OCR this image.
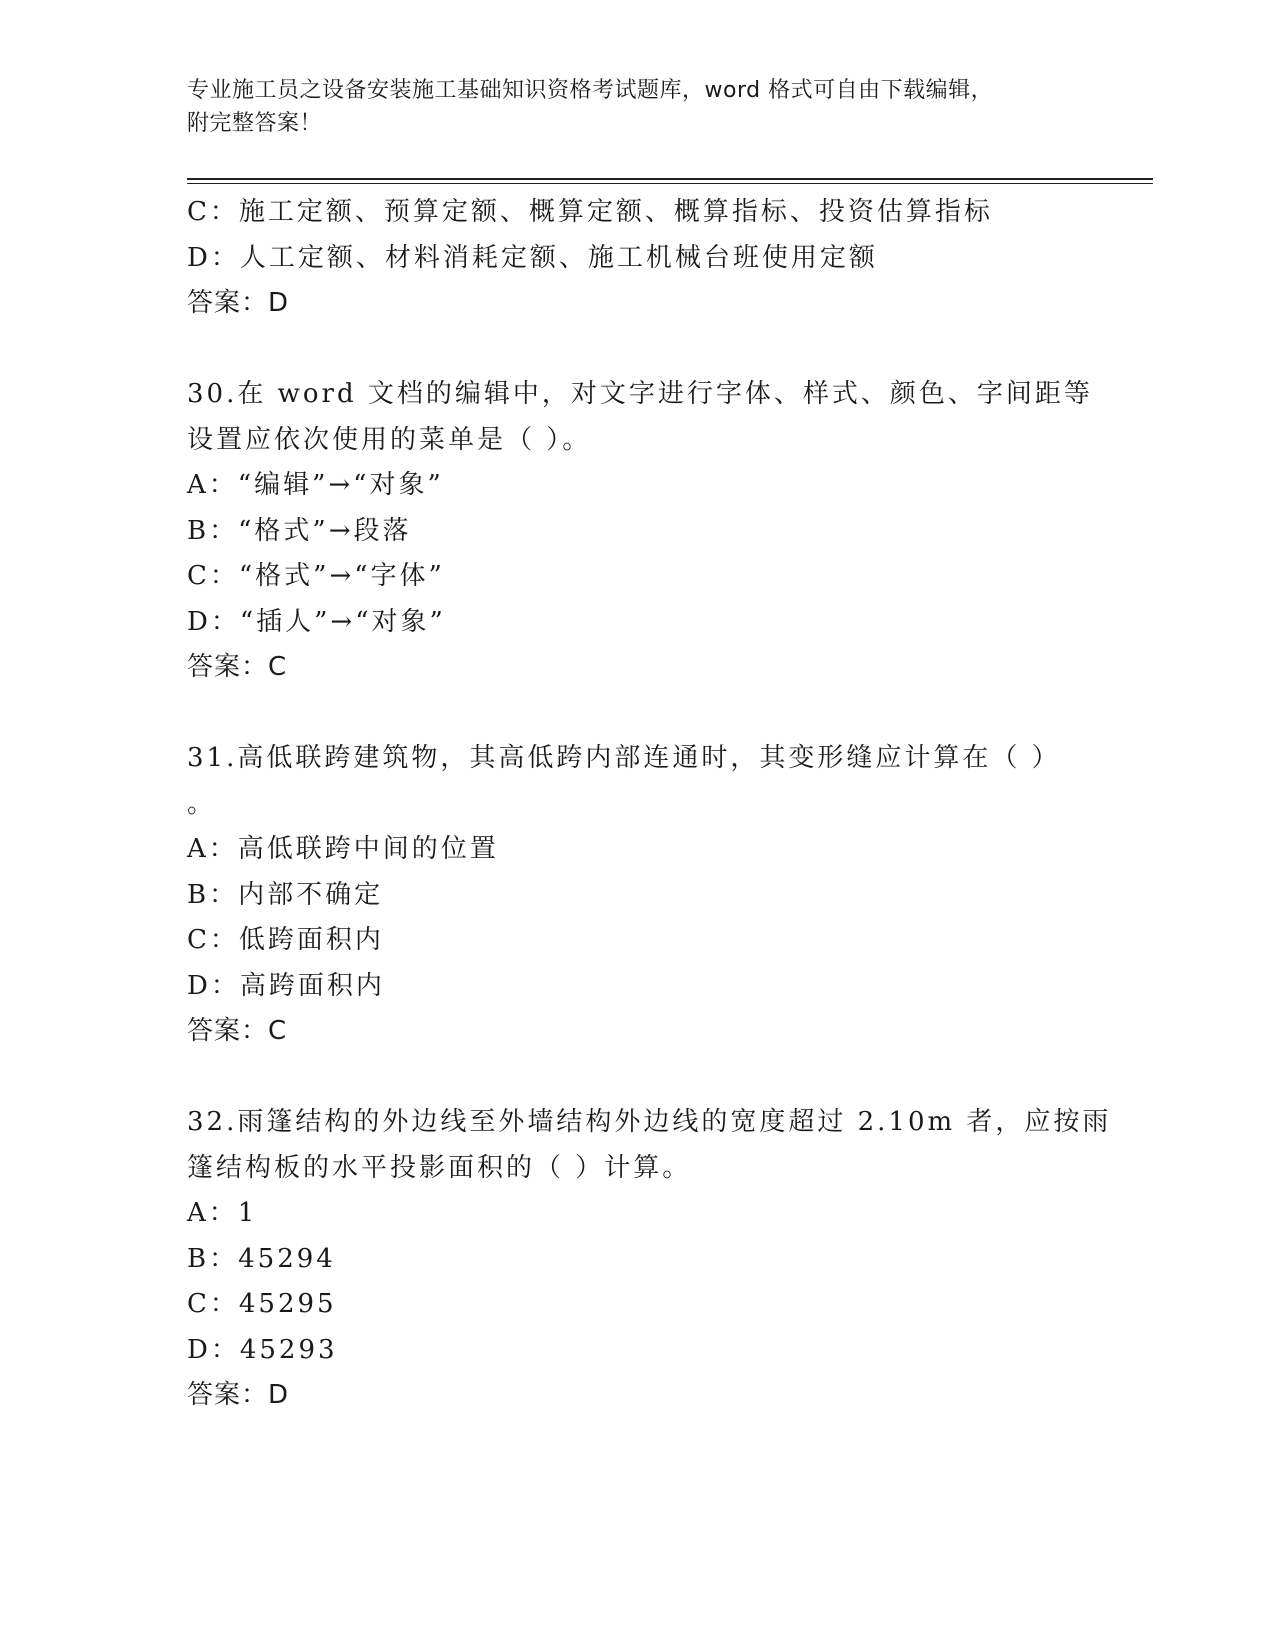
专业施工员之设备安装施工基础知识资格考试题库，word 格式可自由下载编辑，
附完整答案！
C：施工定额、预算定额、概算定额、概算指标、投资估算指标
D：人工定额、材料消耗定额、施工机械台班使用定额
答案：D
30.在 word 文档的编辑中，对文字进行字体、样式、颜色、字间距等
设置应依次使用的菜单是（ ）。
A：“编辑”→“对象”
B：“格式”→段落
C：“格式”→“字体”
D：“插人”→“对象”
答案：C
31.高低联跨建筑物，其高低跨内部连通时，其变形缝应计算在（ ）
。
A：高低联跨中间的位置
B：内部不确定
C：低跨面积内
D：高跨面积内
答案：C
32.雨篷结构的外边线至外墙结构外边线的宽度超过 2.10m 者，应按雨
篷结构板的水平投影面积的（ ）计算。
A：1
B：45294
C：45295
D：45293
答案：D
